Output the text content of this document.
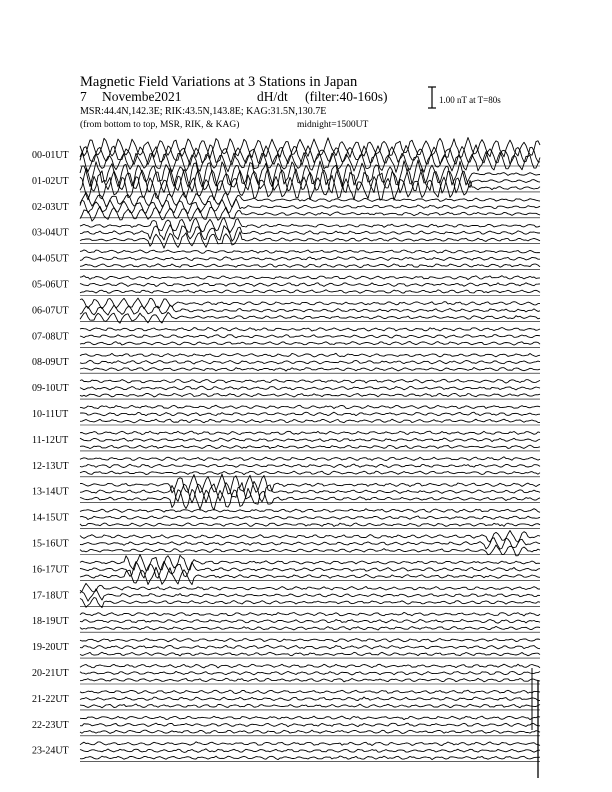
Magnetic Field Variations at 3 Stations in Japan
7 Novembe2021	dH/dt (filter:40-160s)
MSR:44.4N,142.3E; RIK:43.5N,143.8E; KAG:31.5N,130.7E
(from bottom to top, MSR, RIK, & KAG)	midnight=1500UT
1.00 nT at T=80s
00-01UT
01-02UT
02-03UT
03-04UT
04-05UT
05-06UT
06-07UT
07-08UT
08-09UT
09-10UT
10-11UT
11-12UT
12-13UT
13-14UT
14-15UT
15-16UT
16-17UT
17-18UT
18-19UT
19-20UT
20-21UT
21-22UT
22-23UT
23-24UT
